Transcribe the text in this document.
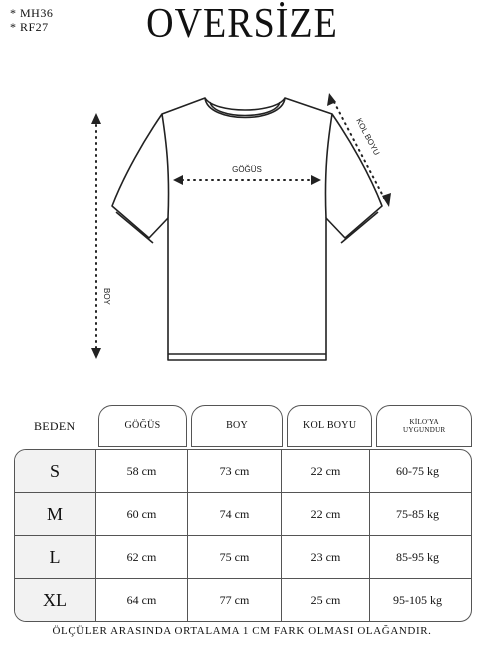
* MH36
* RF27	OVERSİZE
GÖĞÜS
BOY
KOL BOYU
BEDEN	GÖĞÜS	BOY	KOL BOYU	KİLO'YA
UYGUNDUR
S	58 cm	73 cm	22 cm	60-75 kg
M	60 cm	74 cm	22 cm	75-85 kg
L	62 cm	75 cm	23 cm	85-95 kg
XL	64 cm	77 cm	25 cm	95-105 kg
ÖLÇÜLER ARASINDA ORTALAMA 1 CM FARK OLMASI OLAĞANDIR.
